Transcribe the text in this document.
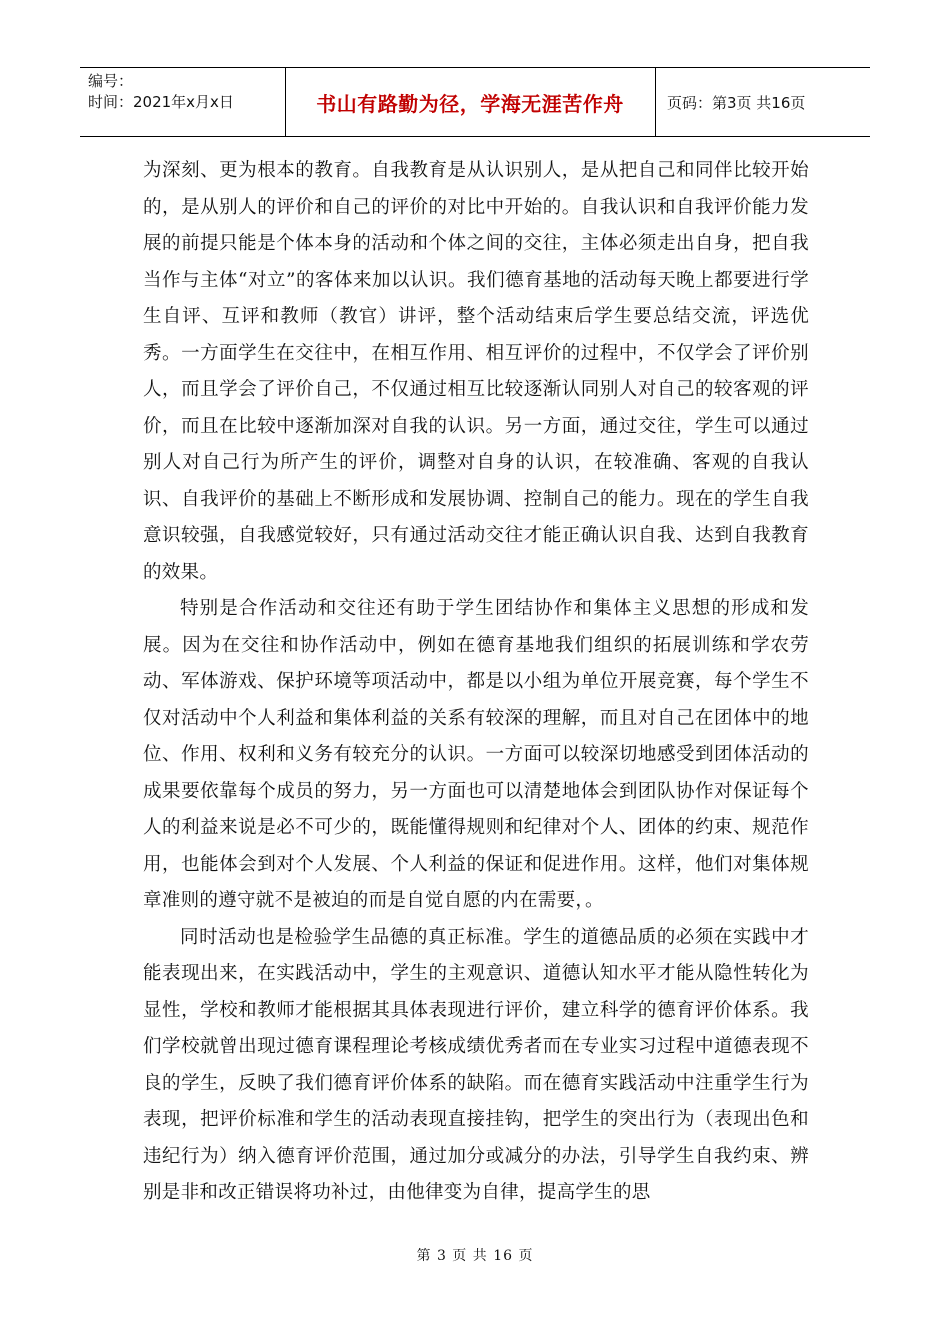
编号：
时间：2021年x月x日	书山有路勤为径，学海无涯苦作舟	页码：第3页 共16页

为深刻、更为根本的教育。自我教育是从认识别人，是从把自己和同伴比较开始的，是从别人的评价和自己的评价的对比中开始的。自我认识和自我评价能力发展的前提只能是个体本身的活动和个体之间的交往，主体必须走出自身，把自我当作与主体“对立”的客体来加以认识。我们德育基地的活动每天晚上都要进行学生自评、互评和教师（教官）讲评，整个活动结束后学生要总结交流，评选优秀。一方面学生在交往中，在相互作用、相互评价的过程中，不仅学会了评价别人，而且学会了评价自己，不仅通过相互比较逐渐认同别人对自己的较客观的评价，而且在比较中逐渐加深对自我的认识。另一方面，通过交往，学生可以通过别人对自己行为所产生的评价，调整对自身的认识，在较准确、客观的自我认识、自我评价的基础上不断形成和发展协调、控制自己的能力。现在的学生自我意识较强，自我感觉较好，只有通过活动交往才能正确认识自我、达到自我教育的效果。

特别是合作活动和交往还有助于学生团结协作和集体主义思想的形成和发展。因为在交往和协作活动中，例如在德育基地我们组织的拓展训练和学农劳动、军体游戏、保护环境等项活动中，都是以小组为单位开展竞赛，每个学生不仅对活动中个人利益和集体利益的关系有较深的理解，而且对自己在团体中的地位、作用、权利和义务有较充分的认识。一方面可以较深切地感受到团体活动的成果要依靠每个成员的努力，另一方面也可以清楚地体会到团队协作对保证每个人的利益来说是必不可少的，既能懂得规则和纪律对个人、团体的约束、规范作用，也能体会到对个人发展、个人利益的保证和促进作用。这样，他们对集体规章准则的遵守就不是被迫的而是自觉自愿的内在需要，。

同时活动也是检验学生品德的真正标准。学生的道德品质的必须在实践中才能表现出来，在实践活动中，学生的主观意识、道德认知水平才能从隐性转化为显性，学校和教师才能根据其具体表现进行评价，建立科学的德育评价体系。我们学校就曾出现过德育课程理论考核成绩优秀者而在专业实习过程中道德表现不良的学生，反映了我们德育评价体系的缺陷。而在德育实践活动中注重学生行为表现，把评价标准和学生的活动表现直接挂钩，把学生的突出行为（表现出色和违纪行为）纳入德育评价范围，通过加分或减分的办法，引导学生自我约束、辨别是非和改正错误将功补过，由他律变为自律，提高学生的思

第 3 页 共 16 页
